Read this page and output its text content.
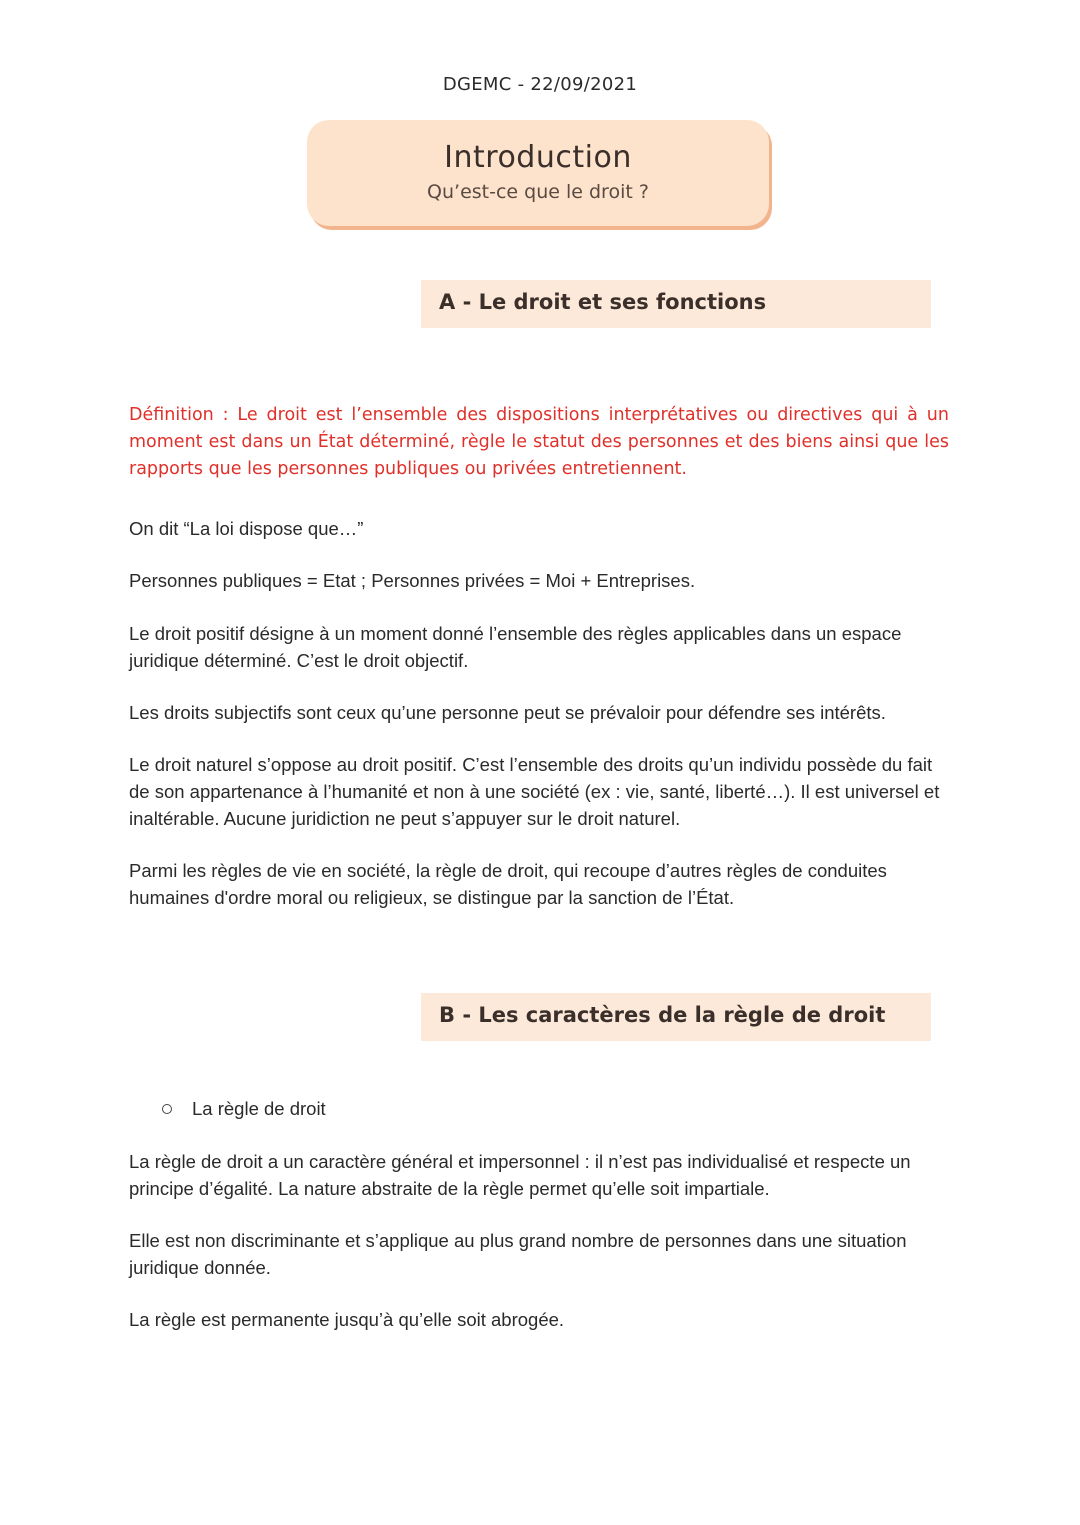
DGEMC - 22/09/2021
Introduction
Qu’est-ce que le droit ?
A - Le droit et ses fonctions
Définition : Le droit est l’ensemble des dispositions interprétatives ou directives qui à un moment est dans un État déterminé, règle le statut des personnes et des biens ainsi que les rapports que les personnes publiques ou privées entretiennent.
On dit “La loi dispose que…”
Personnes publiques = Etat ; Personnes privées = Moi + Entreprises.
Le droit positif désigne à un moment donné l’ensemble des règles applicables dans un espace juridique déterminé. C’est le droit objectif.
Les droits subjectifs sont ceux qu’une personne peut se prévaloir pour défendre ses intérêts.
Le droit naturel s’oppose au droit positif. C’est l’ensemble des droits qu’un individu possède du fait de son appartenance à l’humanité et non à une société (ex : vie, santé, liberté…). Il est universel et inaltérable. Aucune juridiction ne peut s’appuyer sur le droit naturel.
Parmi les règles de vie en société, la règle de droit, qui recoupe d’autres règles de conduites humaines d'ordre moral ou religieux, se distingue par la sanction de l’État.
B - Les caractères de la règle de droit
La règle de droit
La règle de droit a un caractère général et impersonnel : il n’est pas individualisé et respecte un principe d’égalité. La nature abstraite de la règle permet qu’elle soit impartiale.
Elle est non discriminante et s’applique au plus grand nombre de personnes dans une situation juridique donnée.
La règle est permanente jusqu’à qu’elle soit abrogée.
